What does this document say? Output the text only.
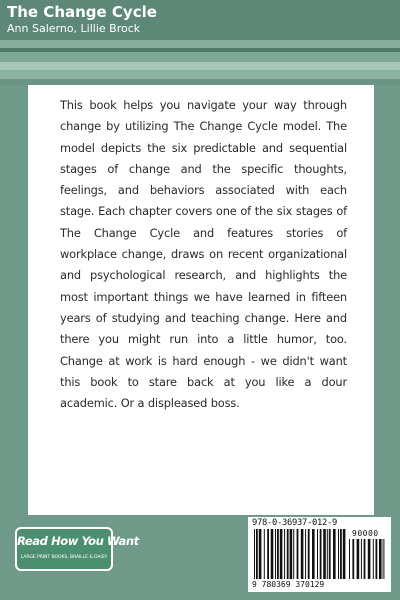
The Change Cycle
Ann Salerno, Lillie Brock

This book helps you navigate your way through change by utilizing The Change Cycle model. The model depicts the six predictable and sequential stages of change and the specific thoughts, feelings, and behaviors associated with each stage. Each chapter covers one of the six stages of The Change Cycle and features stories of workplace change, draws on recent organizational and psychological research, and highlights the most important things we have learned in fifteen years of studying and teaching change. Here and there you might run into a little humor, too. Change at work is hard enough - we didn't want this book to stare back at you like a dour academic. Or a displeased boss.

Read How You Want
LARGE PRINT BOOKS, BRAILLE & DAISY
978-0-36937-012-9
90000
9 780369 370129
